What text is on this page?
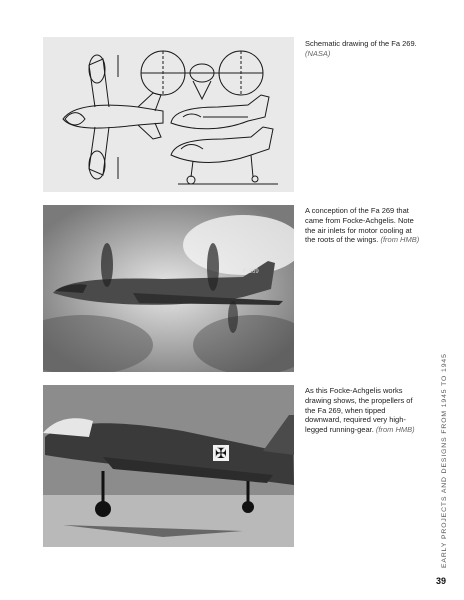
Schematic drawing of the Fa 269. (NASA)
F-269
A conception of the Fa 269 that came from Focke-Achgelis. Note the air inlets for motor cooling at the roots of the wings. (from HMB)
✠
As this Focke-Achgelis works drawing shows, the propellers of the Fa 269, when tipped downward, required very high-legged running-gear. (from HMB)	EARLY PROJECTS AND DESIGNS FROM 1945 TO 1945
39
